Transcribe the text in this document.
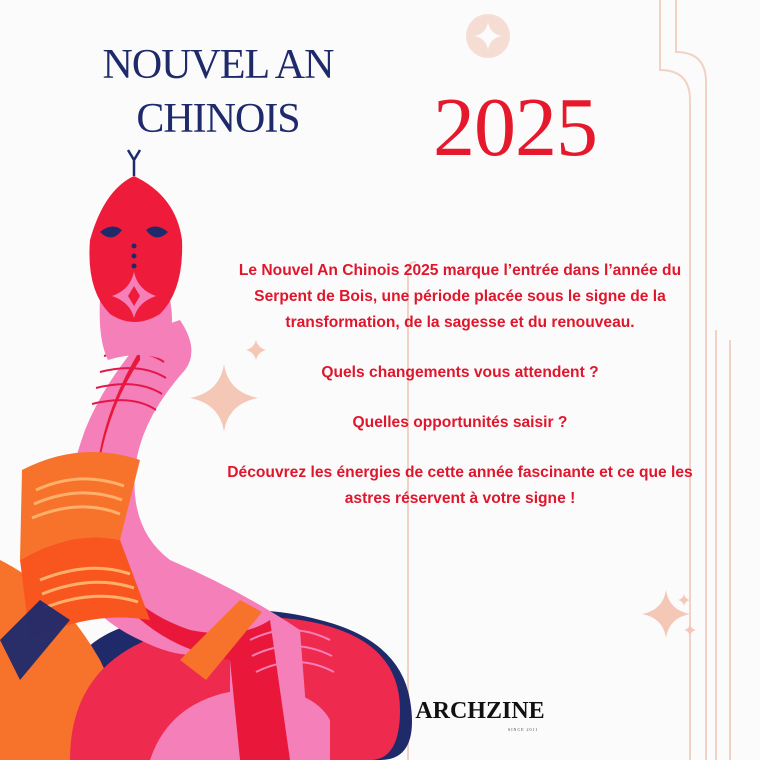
NOUVEL AN
CHINOIS	2025

Le Nouvel An Chinois 2025 marque l’entrée dans l’année du Serpent de Bois, une période placée sous le signe de la transformation, de la sagesse et du renouveau.

Quels changements vous attendent ?

Quelles opportunités saisir ?

Découvrez les énergies de cette année fascinante et ce que les astres réservent à votre signe !

ARCHZINE
SINCE 2011
